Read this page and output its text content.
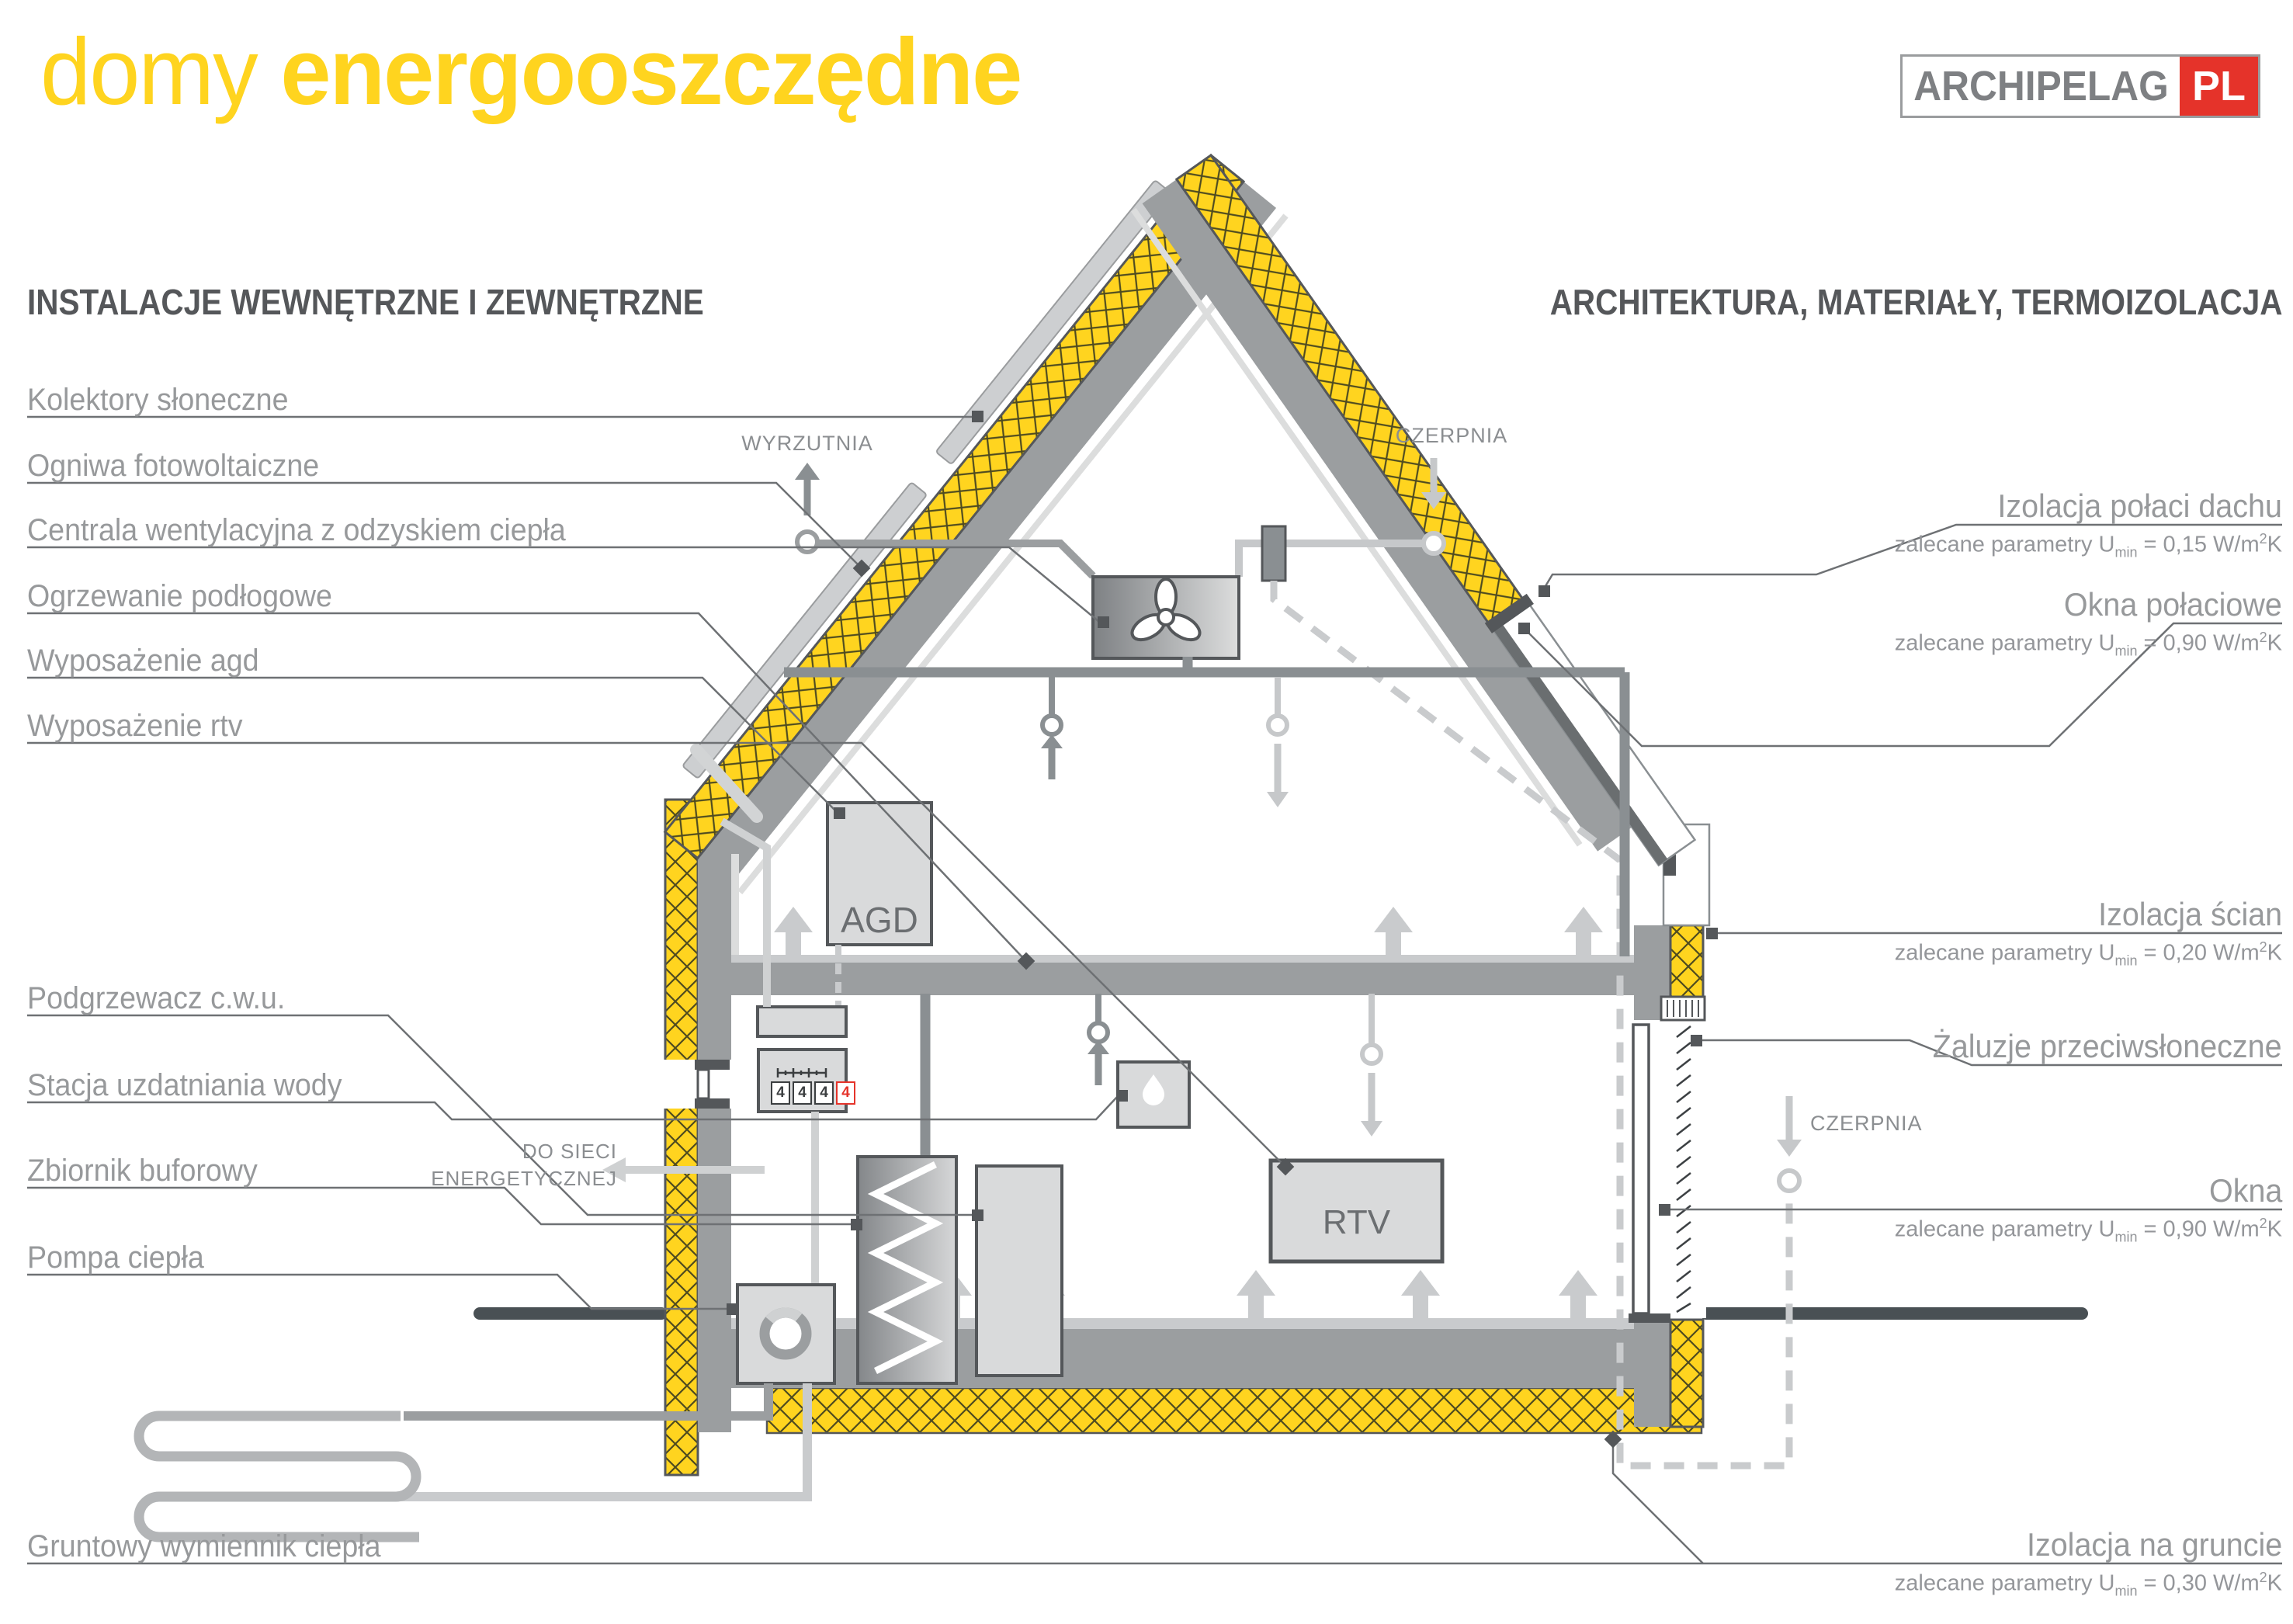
domy energooszczędne	ARCHIPELAG PL
INSTALACJE WEWNĘTRZNE I ZEWNĘTRZNE	ARCHITEKTURA, MATERIAŁY, TERMOIZOLACJA
Kolektory słoneczne
Ogniwa fotowoltaiczne
Centrala wentylacyjna z odzyskiem ciepła
Ogrzewanie podłogowe
Wyposażenie agd
Wyposażenie rtv
Podgrzewacz c.w.u.
Stacja uzdatniania wody
Zbiornik buforowy
Pompa ciepła
Gruntowy wymiennik ciepła
Izolacja połaci dachu
zalecane parametry $U_{min} = 0,15$ $W/m^2K$
Okna połaciowe
zalecane parametry $U_{min} = 0,90$ $W/m^2K$
Izolacja ścian
zalecane parametry $U_{min} = 0,20$ $W/m^2K$
Żaluzje przeciwsłoneczne
Okna
zalecane parametry $U_{min} = 0,90$ $W/m^2K$
Izolacja na gruncie
zalecane parametry $U_{min} = 0,30$ $W/m^2K$
WYRZUTNIA	CZERPNIA
CZERPNIA
DO SIECI
ENERGETYCZNEJ
AGD
RTV
4 4 4 4
